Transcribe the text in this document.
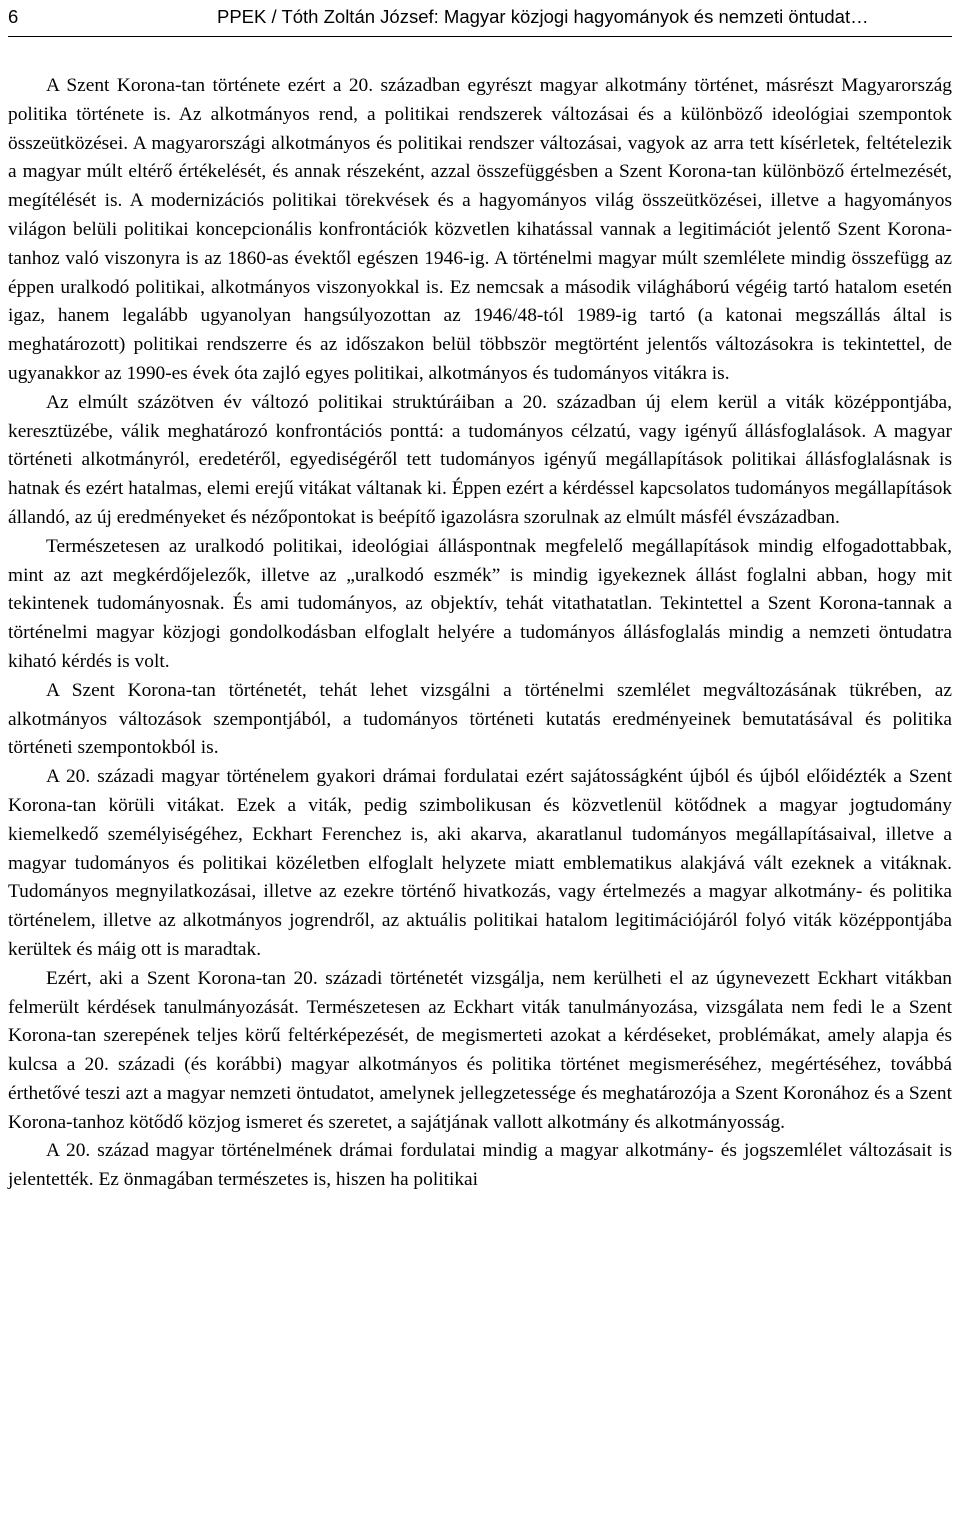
6	PPEK / Tóth Zoltán József: Magyar közjogi hagyományok és nemzeti öntudat…

A Szent Korona-tan története ezért a 20. században egyrészt magyar alkotmány történet, másrészt Magyarország politika története is. Az alkotmányos rend, a politikai rendszerek változásai és a különböző ideológiai szempontok összeütközései. A magyarországi alkotmányos és politikai rendszer változásai, vagyok az arra tett kísérletek, feltételezik a magyar múlt eltérő értékelését, és annak részeként, azzal összefüggésben a Szent Korona-tan különböző értelmezését, megítélését is. A modernizációs politikai törekvések és a hagyományos világ összeütközései, illetve a hagyományos világon belüli politikai koncepcionális konfrontációk közvetlen kihatással vannak a legitimációt jelentő Szent Korona-tanhoz való viszonyra is az 1860-as évektől egészen 1946-ig. A történelmi magyar múlt szemlélete mindig összefügg az éppen uralkodó politikai, alkotmányos viszonyokkal is. Ez nemcsak a második világháború végéig tartó hatalom esetén igaz, hanem legalább ugyanolyan hangsúlyozottan az 1946/48-tól 1989-ig tartó (a katonai megszállás által is meghatározott) politikai rendszerre és az időszakon belül többször megtörtént jelentős változásokra is tekintettel, de ugyanakkor az 1990-es évek óta zajló egyes politikai, alkotmányos és tudományos vitákra is.

Az elmúlt százötven év változó politikai struktúráiban a 20. században új elem kerül a viták középpontjába, keresztüzébe, válik meghatározó konfrontációs ponttá: a tudományos célzatú, vagy igényű állásfoglalások. A magyar történeti alkotmányról, eredetéről, egyediségéről tett tudományos igényű megállapítások politikai állásfoglalásnak is hatnak és ezért hatalmas, elemi erejű vitákat váltanak ki. Éppen ezért a kérdéssel kapcsolatos tudományos megállapítások állandó, az új eredményeket és nézőpontokat is beépítő igazolásra szorulnak az elmúlt másfél évszázadban.

Természetesen az uralkodó politikai, ideológiai álláspontnak megfelelő megállapítások mindig elfogadottabbak, mint az azt megkérdőjelezők, illetve az „uralkodó eszmék” is mindig igyekeznek állást foglalni abban, hogy mit tekintenek tudományosnak. És ami tudományos, az objektív, tehát vitathatatlan. Tekintettel a Szent Korona-tannak a történelmi magyar közjogi gondolkodásban elfoglalt helyére a tudományos állásfoglalás mindig a nemzeti öntudatra kiható kérdés is volt.

A Szent Korona-tan történetét, tehát lehet vizsgálni a történelmi szemlélet megváltozásának tükrében, az alkotmányos változások szempontjából, a tudományos történeti kutatás eredményeinek bemutatásával és politika történeti szempontokból is.

A 20. századi magyar történelem gyakori drámai fordulatai ezért sajátosságként újból és újból előidézték a Szent Korona-tan körüli vitákat. Ezek a viták, pedig szimbolikusan és közvetlenül kötődnek a magyar jogtudomány kiemelkedő személyiségéhez, Eckhart Ferenchez is, aki akarva, akaratlanul tudományos megállapításaival, illetve a magyar tudományos és politikai közéletben elfoglalt helyzete miatt emblematikus alakjává vált ezeknek a vitáknak. Tudományos megnyilatkozásai, illetve az ezekre történő hivatkozás, vagy értelmezés a magyar alkotmány- és politika történelem, illetve az alkotmányos jogrendről, az aktuális politikai hatalom legitimációjáról folyó viták középpontjába kerültek és máig ott is maradtak.

Ezért, aki a Szent Korona-tan 20. századi történetét vizsgálja, nem kerülheti el az úgynevezett Eckhart vitákban felmerült kérdések tanulmányozását. Természetesen az Eckhart viták tanulmányozása, vizsgálata nem fedi le a Szent Korona-tan szerepének teljes körű feltérképezését, de megismerteti azokat a kérdéseket, problémákat, amely alapja és kulcsa a 20. századi (és korábbi) magyar alkotmányos és politika történet megismeréséhez, megértéséhez, továbbá érthetővé teszi azt a magyar nemzeti öntudatot, amelynek jellegzetessége és meghatározója a Szent Koronához és a Szent Korona-tanhoz kötődő közjog ismeret és szeretet, a sajátjának vallott alkotmány és alkotmányosság.

A 20. század magyar történelmének drámai fordulatai mindig a magyar alkotmány- és jogszemlélet változásait is jelentették. Ez önmagában természetes is, hiszen ha politikai
